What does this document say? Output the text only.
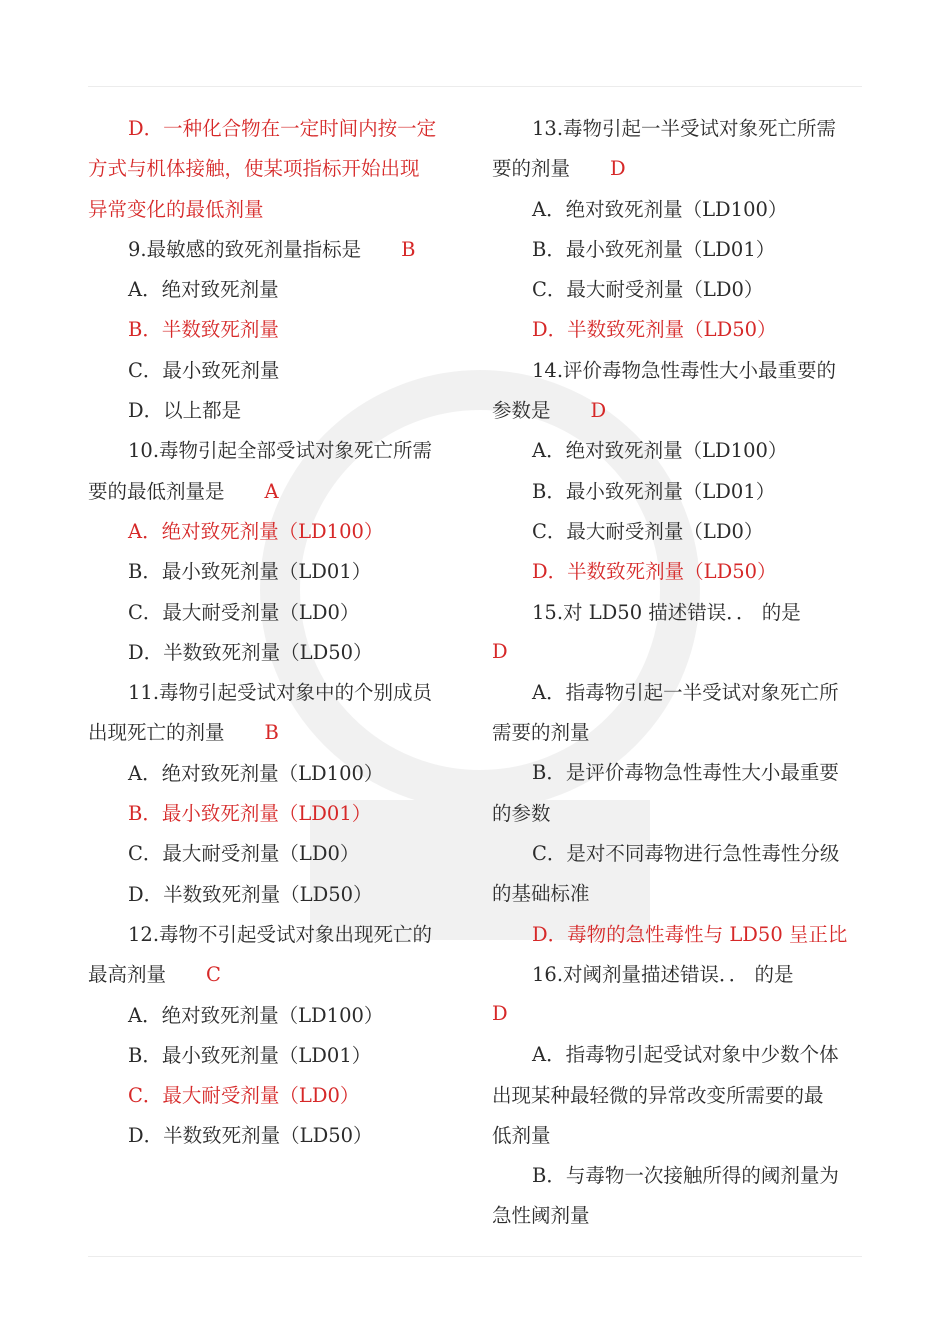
D．一种化合物在一定时间内按一定

方式与机体接触，使某项指标开始出现

异常变化的最低剂量

9.最敏感的致死剂量指标是 B

A．绝对致死剂量

B．半数致死剂量

C．最小致死剂量

D．以上都是

10.毒物引起全部受试对象死亡所需

要的最低剂量是 A

A．绝对致死剂量（LD100）

B．最小致死剂量（LD01）

C．最大耐受剂量（LD0）

D．半数致死剂量（LD50）

11.毒物引起受试对象中的个别成员

出现死亡的剂量 B

A．绝对致死剂量（LD100）

B．最小致死剂量（LD01）

C．最大耐受剂量（LD0）

D．半数致死剂量（LD50）

12.毒物不引起受试对象出现死亡的

最高剂量 C

A．绝对致死剂量（LD100）

B．最小致死剂量（LD01）

C．最大耐受剂量（LD0）

D．半数致死剂量（LD50）

13.毒物引起一半受试对象死亡所需

要的剂量 D

A．绝对致死剂量（LD100）

B．最小致死剂量（LD01）

C．最大耐受剂量（LD0）

D．半数致死剂量（LD50）

14.评价毒物急性毒性大小最重要的

参数是 D

A．绝对致死剂量（LD100）

B．最小致死剂量（LD01）

C．最大耐受剂量（LD0）

D．半数致死剂量（LD50）

15.对 LD50 描述错误．． 的是

D

A．指毒物引起一半受试对象死亡所

需要的剂量

B．是评价毒物急性毒性大小最重要

的参数

C．是对不同毒物进行急性毒性分级

的基础标准

D．毒物的急性毒性与 LD50 呈正比

16.对阈剂量描述错误．． 的是

D

A．指毒物引起受试对象中少数个体

出现某种最轻微的异常改变所需要的最

低剂量

B．与毒物一次接触所得的阈剂量为

急性阈剂量
